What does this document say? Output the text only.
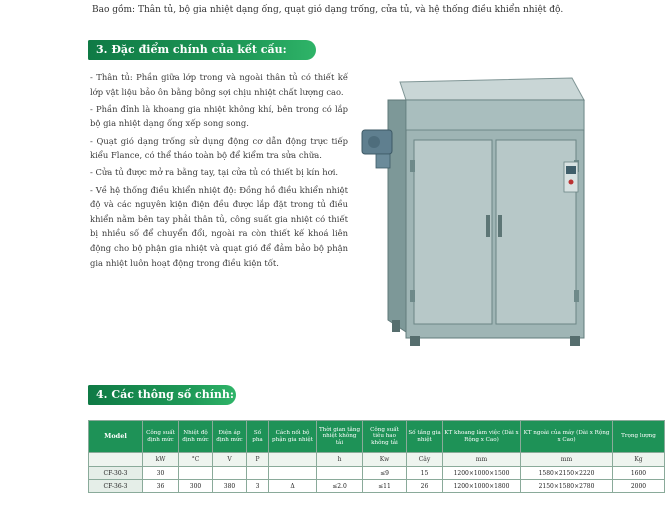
Bao gồm: Thân tủ, bộ gia nhiệt dạng ống, quạt gió dạng trống, cửa tủ, và hệ thống điều khiển nhiệt độ.
3. Đặc điểm chính của kết cấu:

- Thân tủ: Phần giữa lớp trong và ngoài thân tủ có thiết kế lớp vật liệu bảo ôn bằng bông sợi chịu nhiệt chất lượng cao.

- Phần đỉnh là khoang gia nhiệt không khí, bên trong có lắp bộ gia nhiệt dạng ống xếp song song.

- Quạt gió dạng trống sử dụng động cơ dẫn động trực tiếp kiểu Flance, có thể tháo toàn bộ để kiểm tra sửa chữa.

- Cửa tủ được mở ra bằng tay, tại cửa tủ có thiết bị kín hơi.

- Về hệ thống điều khiển nhiệt độ: Đồng hồ điều khiển nhiệt độ và các nguyên kiện điện đều được lắp đặt trong tủ điều khiển nằm bên tay phải thân tủ, công suất gia nhiệt có thiết bị nhiều số để chuyển đổi, ngoài ra còn thiết kế khoá liên động cho bộ phận gia nhiệt và quạt gió để đảm bảo bộ phận gia nhiệt luôn hoạt động trong điều kiện tốt.

4. Các thông số chính:
Model	Công suất định mức	Nhiệt độ định mức	Điện áp định mức	Số pha	Cách nối bộ phận gia nhiệt	Thời gian tăng nhiệt không tải	Công suất tiêu hao không tải	Số tầng gia nhiệt	KT khoang làm việc (Dài x Rộng x Cao)	KT ngoài của máy (Dài x Rộng x Cao)	Trọng lượng
	kW	°C	V	P		h	Kw	Cây	mm	mm	Kg
CF-30-3	30						≤9	15	1200×1000×1500	1580×2150×2220	1600
CF-36-3	36	300	380	3	Δ	≤2.0	≤11	26	1200×1000×1800	2150×1580×2780	2000
